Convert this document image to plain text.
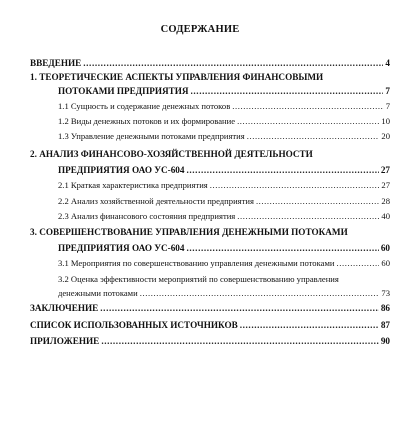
СОДЕРЖАНИЕ
ВВЕДЕНИЕ .....	4
1. ТЕОРЕТИЧЕСКИЕ АСПЕКТЫ УПРАВЛЕНИЯ ФИНАНСОВЫМИ
ПОТОКАМИ ПРЕДПРИЯТИЯ .....	7
1.1 Сущность и содержание денежных потоков .....	7
1.2 Виды денежных потоков и их формирование .....	10
1.3 Управление денежными потоками предприятия .....	20
2. АНАЛИЗ ФИНАНСОВО-ХОЗЯЙСТВЕННОЙ ДЕЯТЕЛЬНОСТИ
ПРЕДПРИЯТИЯ ОАО УС-604 .....	27
2.1 Краткая характеристика предприятия .....	27
2.2 Анализ хозяйственной деятельности предприятия .....	28
2.3 Анализ финансового состояния предприятия .....	40
3. СОВЕРШЕНСТВОВАНИЕ УПРАВЛЕНИЯ ДЕНЕЖНЫМИ ПОТОКАМИ
ПРЕДПРИЯТИЯ ОАО УС-604 .....	60
3.1 Мероприятия по совершенствованию управления денежными потоками .....	60
3.2 Оценка эффективности мероприятий по совершенствованию управления
денежными потоками .....	73
ЗАКЛЮЧЕНИЕ .....	86
СПИСОК ИСПОЛЬЗОВАННЫХ ИСТОЧНИКОВ .....	87
ПРИЛОЖЕНИЕ .....	90
